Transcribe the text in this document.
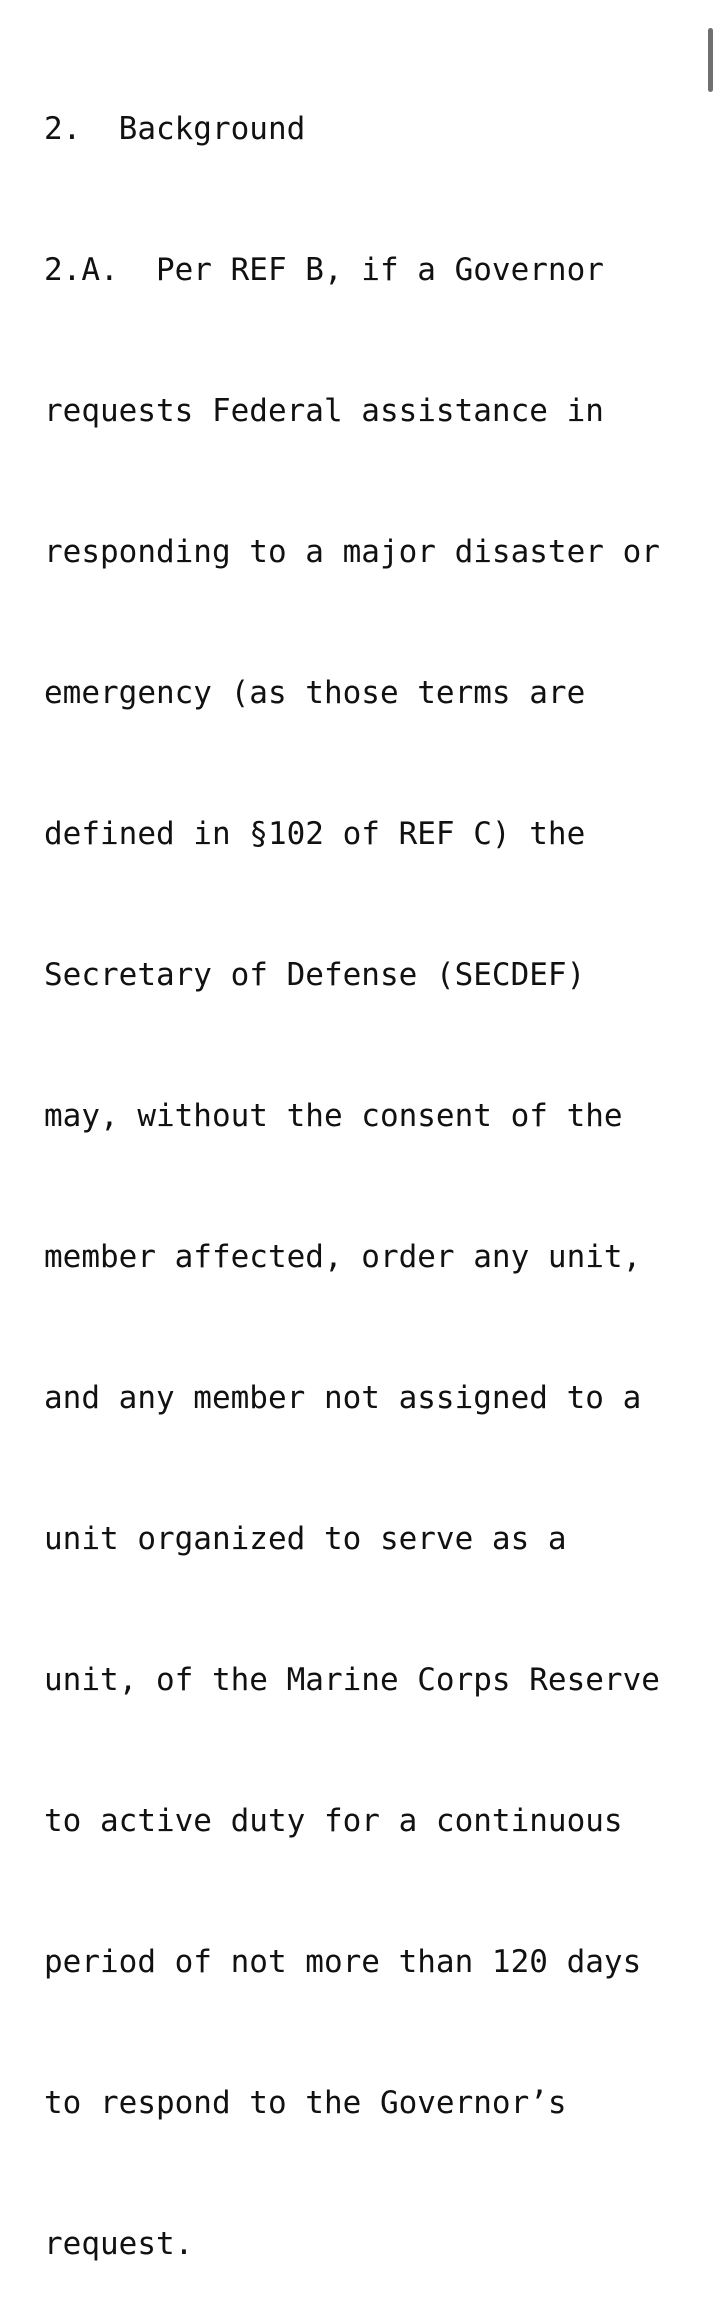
2.  Background

2.A.  Per REF B, if a Governor

requests Federal assistance in

responding to a major disaster or

emergency (as those terms are

defined in §102 of REF C) the

Secretary of Defense (SECDEF)

may, without the consent of the

member affected, order any unit,

and any member not assigned to a

unit organized to serve as a

unit, of the Marine Corps Reserve

to active duty for a continuous

period of not more than 120 days

to respond to the Governor’s

request.
